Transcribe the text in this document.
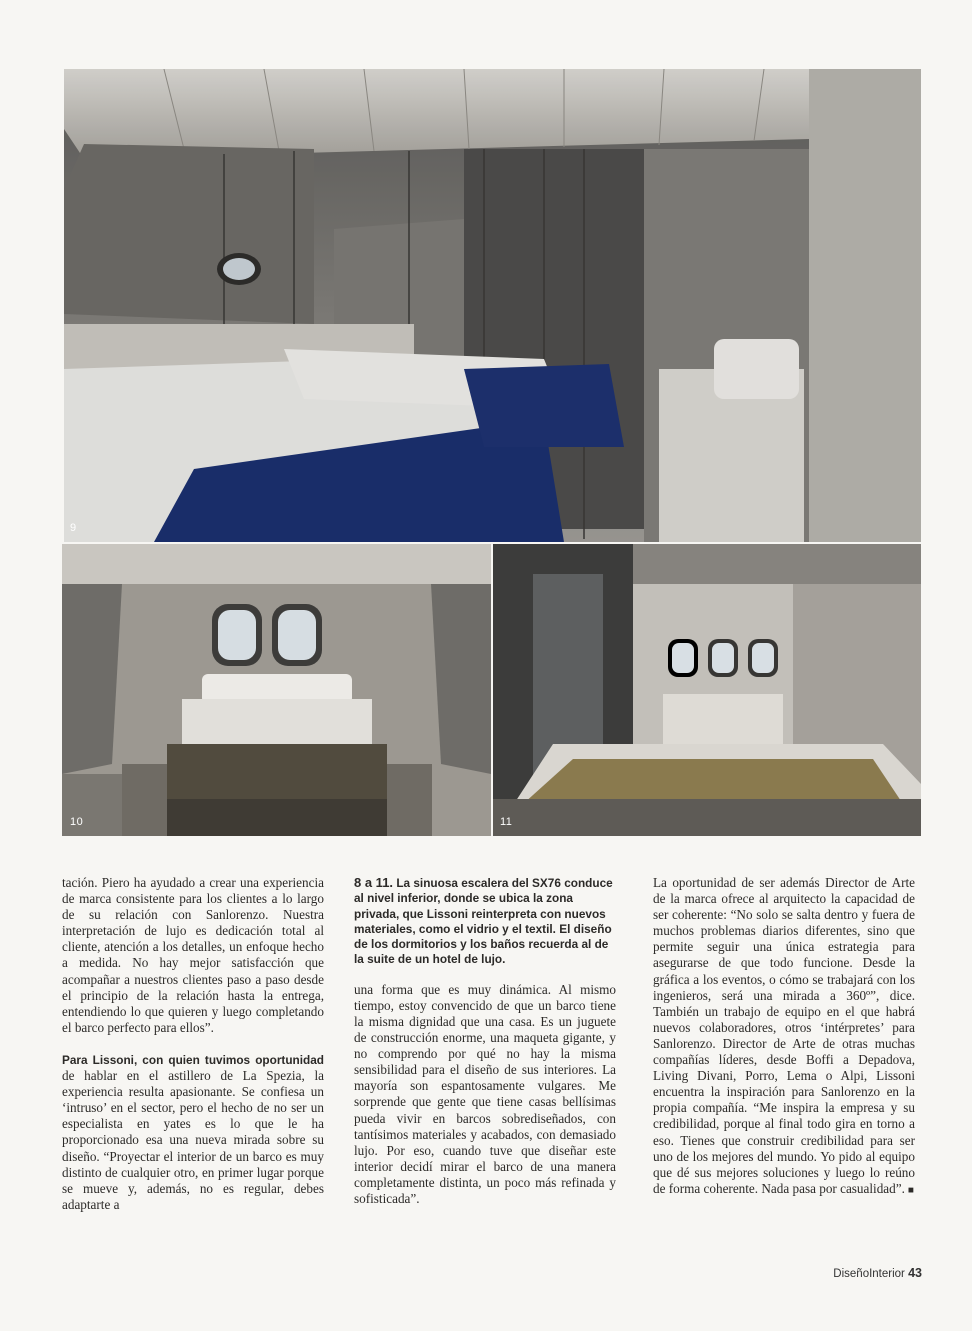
9
10	11

tación. Piero ha ayudado a crear una experiencia de marca consistente para los clientes a lo largo de su relación con Sanlorenzo. Nuestra interpretación de lujo es dedicación total al cliente, atención a los detalles, un enfoque hecho a medida. No hay mejor satisfacción que acompañar a nuestros clientes paso a paso desde el principio de la relación hasta la entrega, entendiendo lo que quieren y luego completando el barco perfecto para ellos”.

Para Lissoni, con quien tuvimos oportunidad de hablar en el astillero de La Spezia, la experiencia resulta apasionante. Se confiesa un ‘intruso’ en el sector, pero el hecho de no ser un especialista en yates es lo que le ha proporcionado esa una nueva mirada sobre su diseño. “Proyectar el interior de un barco es muy distinto de cualquier otro, en primer lugar porque se mueve y, además, no es regular, debes adaptarte a

8 a 11. La sinuosa escalera del SX76 conduce al nivel inferior, donde se ubica la zona privada, que Lissoni reinterpreta con nuevos materiales, como el vidrio y el textil. El diseño de los dormitorios y los baños recuerda al de la suite de un hotel de lujo.

una forma que es muy dinámica. Al mismo tiempo, estoy convencido de que un barco tiene la misma dignidad que una casa. Es un juguete de construcción enorme, una maqueta gigante, y no comprendo por qué no hay la misma sensibilidad para el diseño de sus interiores. La mayoría son espantosamente vulgares. Me sorprende que gente que tiene casas bellísimas pueda vivir en barcos sobrediseñados, con tantísimos materiales y acabados, con demasiado lujo. Por eso, cuando tuve que diseñar este interior decidí mirar el barco de una manera completamente distinta, un poco más refinada y sofisticada”.

La oportunidad de ser además Director de Arte de la marca ofrece al arquitecto la capacidad de ser coherente: “No solo se salta dentro y fuera de muchos problemas diarios diferentes, sino que permite seguir una única estrategia para asegurarse de que todo funcione. Desde la gráfica a los eventos, o cómo se trabajará con los ingenieros, será una mirada a 360º”, dice. También un trabajo de equipo en el que habrá nuevos colaboradores, otros ‘intérpretes’ para Sanlorenzo. Director de Arte de otras muchas compañías líderes, desde Boffi a Depadova, Living Divani, Porro, Lema o Alpi, Lissoni encuentra la inspiración para Sanlorenzo en la propia compañía. “Me inspira la empresa y su credibilidad, porque al final todo gira en torno a eso. Tienes que construir credibilidad para ser uno de los mejores del mundo. Yo pido al equipo que dé sus mejores soluciones y luego lo reúno de forma coherente. Nada pasa por casualidad”. ■

DiseñoInterior 43
